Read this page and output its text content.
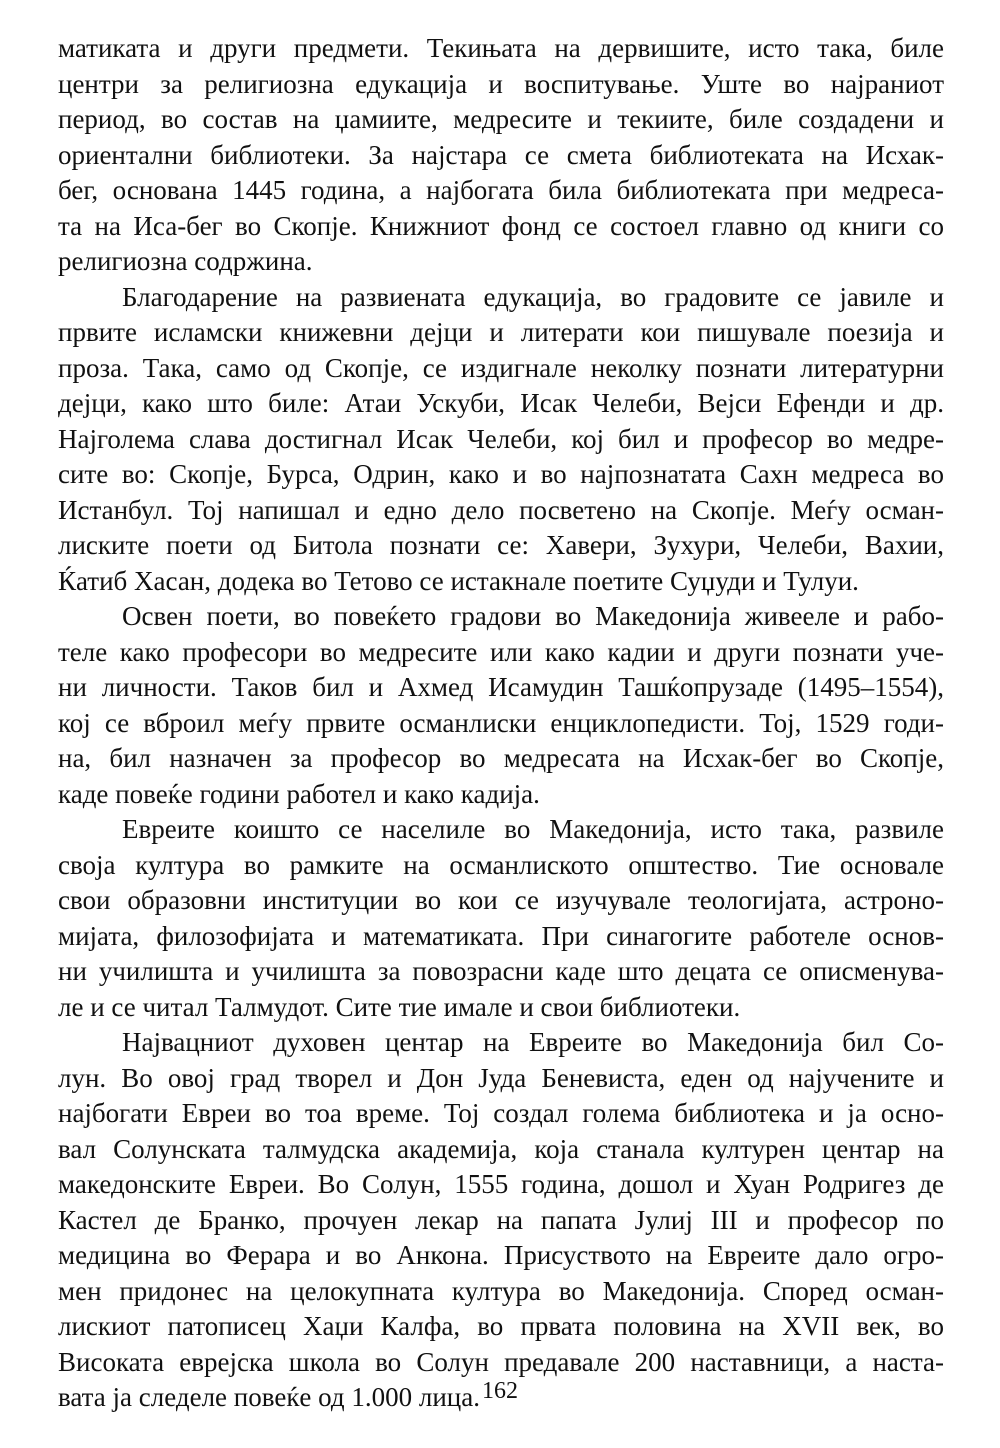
матиката и други предмети. Текињата на дервишите, исто така, биле
центри за религиозна едукација и воспитување. Уште во најраниот
период, во состав на џамиите, медресите и текиите, биле создадени и
ориентални библиотеки. За најстара се смета библиотеката на Исхак-
бег, основана 1445 година, а најбогата била библиотеката при медреса-
та на Иса-бег во Скопје. Книжниот фонд се состоел главно од книги со
религиозна содржина.
Благодарение на развиената едукација, во градовите се јавиле и
првите исламски книжевни дејци и литерати кои пишувале поезија и
проза. Така, само од Скопје, се издигнале неколку познати литературни
дејци, како што биле: Атаи Ускуби, Исак Челеби, Вејси Ефенди и др.
Најголема слава достигнал Исак Челеби, кој бил и професор во медре-
сите во: Скопје, Бурса, Одрин, како и во најпознатата Сахн медреса во
Истанбул. Тој напишал и едно дело посветено на Скопје. Меѓу осман-
лиските поети од Битола познати се: Хавери, Зухури, Челеби, Вахии,
Ќатиб Хасан, додека во Тетово се истакнале поетите Суџуди и Тулуи.
Освен поети, во повеќето градови во Македонија живееле и рабо-
теле како професори во медресите или како кадии и други познати уче-
ни личности. Таков бил и Ахмед Исамудин Ташќопрузаде (1495–1554),
кој се вброил меѓу првите османлиски енциклопедисти. Тој, 1529 годи-
на, бил назначен за професор во медресата на Исхак-бег во Скопје,
каде повеќе години работел и како кадија.
Евреите коишто се населиле во Македонија, исто така, развиле
своја култура во рамките на османлиското општество. Тие основале
свои образовни институции во кои се изучувале теологијата, астроно-
мијата, филозофијата и математиката. При синагогите работеле основ-
ни училишта и училишта за повозрасни каде што децата се описменува-
ле и се читал Талмудот. Сите тие имале и свои библиотеки.
Највацниот духовен центар на Евреите во Македонија бил Со-
лун. Во овој град творел и Дон Јуда Беневиста, еден од најучените и
најбогати Евреи во тоа време. Тој создал голема библиотека и ја осно-
вал Солунската талмудска академија, која станала културен центар на
македонските Евреи. Во Солун, 1555 година, дошол и Хуан Родригез де
Кастел де Бранко, прочуен лекар на папата Јулиј III и професор по
медицина во Ферара и во Анкона. Присуството на Евреите дало огро-
мен придонес на целокупната култура во Македонија. Според осман-
лискиот патописец Хаџи Калфа, во првата половина на XVII век, во
Високата еврејска школа во Солун предавале 200 наставници, а наста-
вата ја следеле повеќе од 1.000 лица. 162
